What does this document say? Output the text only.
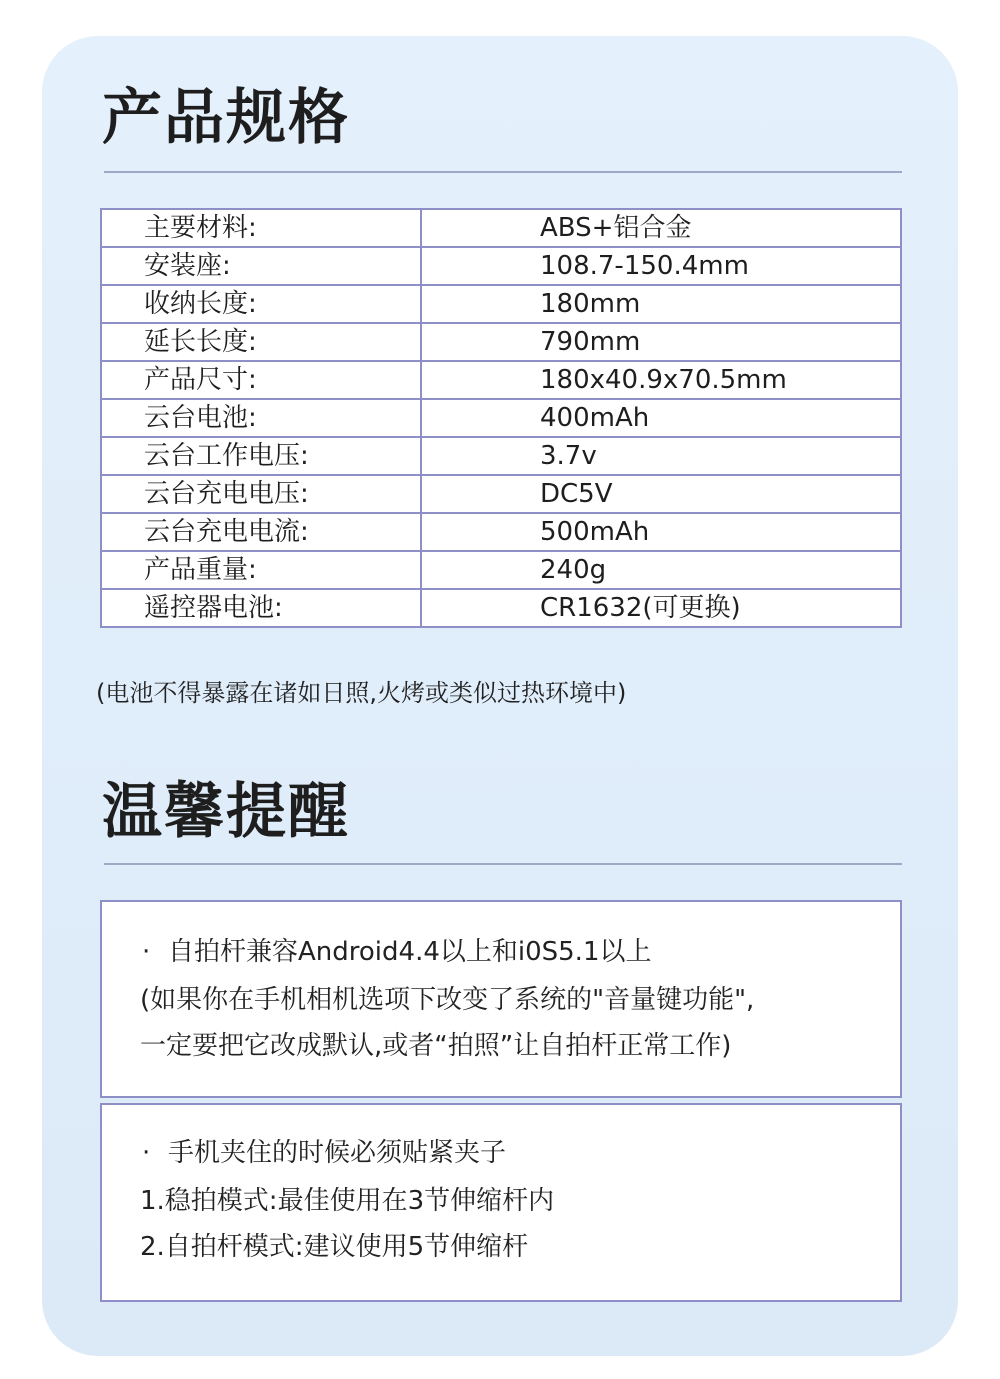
产品规格
主要材料:	ABS+铝合金
安装座:	108.7-150.4mm
收纳长度:	180mm
延长长度:	790mm
产品尺寸:	180x40.9x70.5mm
云台电池:	400mAh
云台工作电压:	3.7v
云台充电电压:	DC5V
云台充电电流:	500mAh
产品重量:	240g
遥控器电池:	CR1632(可更换)
(电池不得暴露在诸如日照,火烤或类似过热环境中)
温馨提醒
· 自拍杆兼容Android4.4以上和i0S5.1以上
(如果你在手机相机选项下改变了系统的"音量键功能",
一定要把它改成默认,或者“拍照”让自拍杆正常工作)
· 手机夹住的时候必须贴紧夹子
1.稳拍模式:最佳使用在3节伸缩杆内
2.自拍杆模式:建议使用5节伸缩杆
